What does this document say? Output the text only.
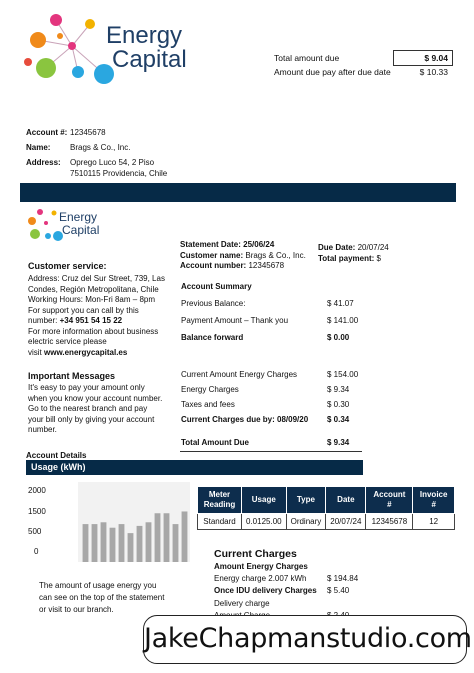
Energy
Capital	Total amount due	$ 9.04
Amount due pay after due date	$ 10.33
Account #: 12345678
Name:	Brags & Co., Inc.
Address:	Oprego Luco 54, 2 Piso
7510115 Providencia, Chile
Energy
Capital
Statement Date: 25/06/24
Customer name: Brags & Co., Inc.
Account number: 12345678
Due Date: 20/07/24
Total payment: $
Customer service:
Address: Cruz del Sur Street, 739, Las
Condes, Región Metropolitana, Chile
Working Hours: Mon-Fri 8am – 8pm
For support you can call by this
number: +34 951 54 15 22
For more information about business
electric service please
visit www.energycapital.es
Important Messages
It's easy to pay your amount only
when you know your account number.
Go to the nearest branch and pay
your bill only by giving your account
number.
Account Summary
Previous Balance:	$ 41.07
Payment Amount – Thank you	$ 141.00
Balance forward	$ 0.00
Current Amount Energy Charges	$ 154.00
Energy Charges	$ 9.34
Taxes and fees	$ 0.30
Current Charges due by: 08/09/20	$ 0.34
Total Amount Due	$ 9.34
Account Details
Usage (kWh)
2000
1500
500
0
The amount of usage energy you
can see on the top of the statement
or visit to our branch.
Meter Reading	Usage	Type	Date	Account #	Invoice #
Standard	0.0125.00	Ordinary	20/07/24	12345678	12
Current Charges
Amount Energy Charges
Energy charge 2.007 kWh	$ 194.84
Once IDU delivery Charges	$ 5.40
Delivery charge
JakeChapmanstudio.com
